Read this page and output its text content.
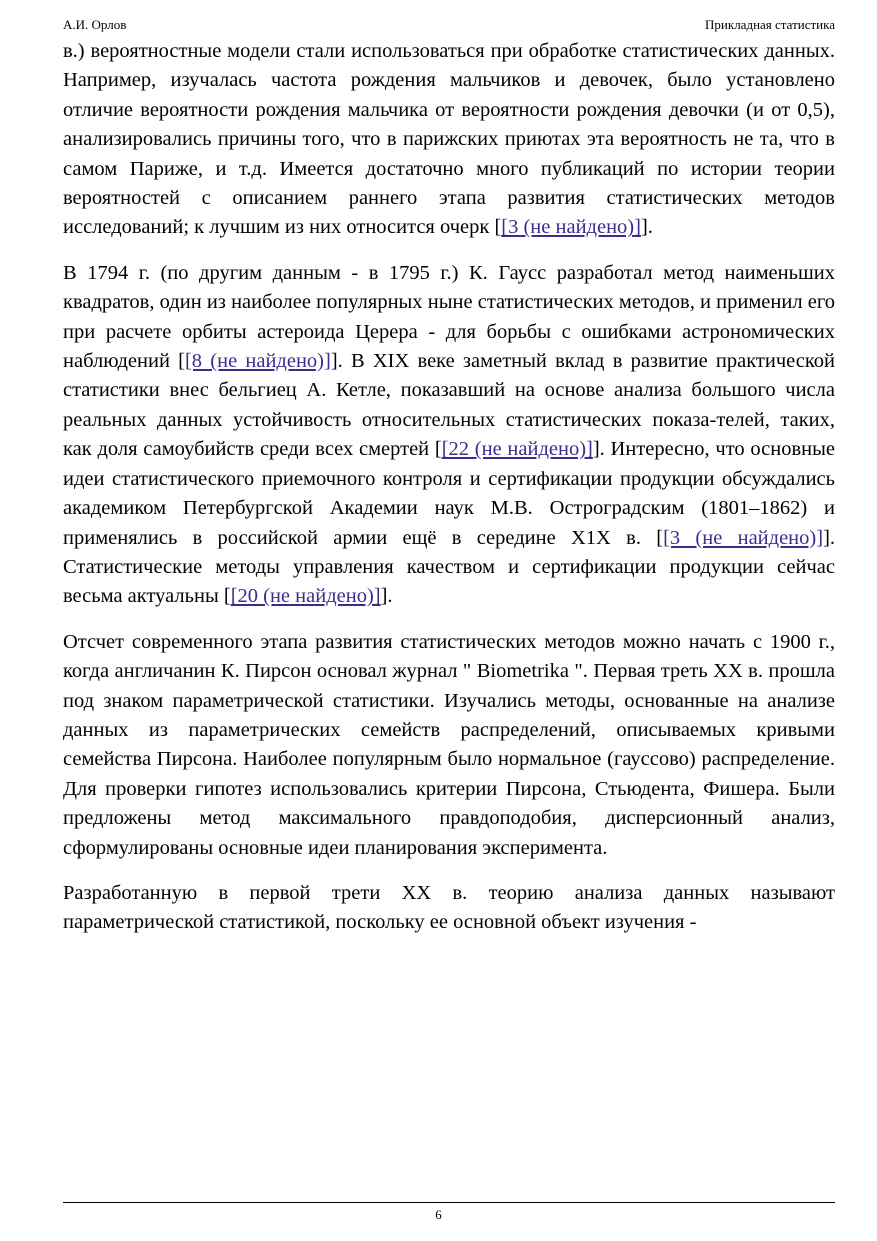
А.И. Орлов	Прикладная статистика

в.) вероятностные модели стали использоваться при обработке статистических данных. Например, изучалась частота рождения мальчиков и девочек, было установлено отличие вероятности рождения мальчика от вероятности рождения девочки (и от 0,5), анализировались причины того, что в парижских приютах эта вероятность не та, что в самом Париже, и т.д. Имеется достаточно много публикаций по истории теории вероятностей с описанием раннего этапа развития статистических методов исследований; к лучшим из них относится очерк [[3 (не найдено)]].

В 1794 г. (по другим данным - в 1795 г.) К. Гаусс разработал метод наименьших квадратов, один из наиболее популярных ныне статистических методов, и применил его при расчете орбиты астероида Церера - для борьбы с ошибками астрономических наблюдений [[8 (не найдено)]]. В XIX веке заметный вклад в развитие практической статистики внес бельгиец А. Кетле, показавший на основе анализа большого числа реальных данных устойчивость относительных статистических показа-телей, таких, как доля самоубийств среди всех смертей [[22 (не найдено)]]. Интересно, что основные идеи статистического приемочного контроля и сертификации продукции обсуждались академиком Петербургской Академии наук М.В. Остроградским (1801–1862) и применялись в российской армии ещё в середине X1X в. [[3 (не найдено)]]. Статистические методы управления качеством и сертификации продукции сейчас весьма актуальны [[20 (не найдено)]].

Отсчет современного этапа развития статистических методов можно начать с 1900 г., когда англичанин К. Пирсон основал журнал " Biometrika ". Первая треть XX в. прошла под знаком параметрической статистики. Изучались методы, основанные на анализе данных из параметрических семейств распределений, описываемых кривыми семейства Пирсона. Наиболее популярным было нормальное (гауссово) распределение. Для проверки гипотез использовались критерии Пирсона, Стьюдента, Фишера. Были предложены метод максимального правдоподобия, дисперсионный анализ, сформулированы основные идеи планирования эксперимента.

Разработанную в первой трети XX в. теорию анализа данных называют параметрической статистикой, поскольку ее основной объект изучения -

6
